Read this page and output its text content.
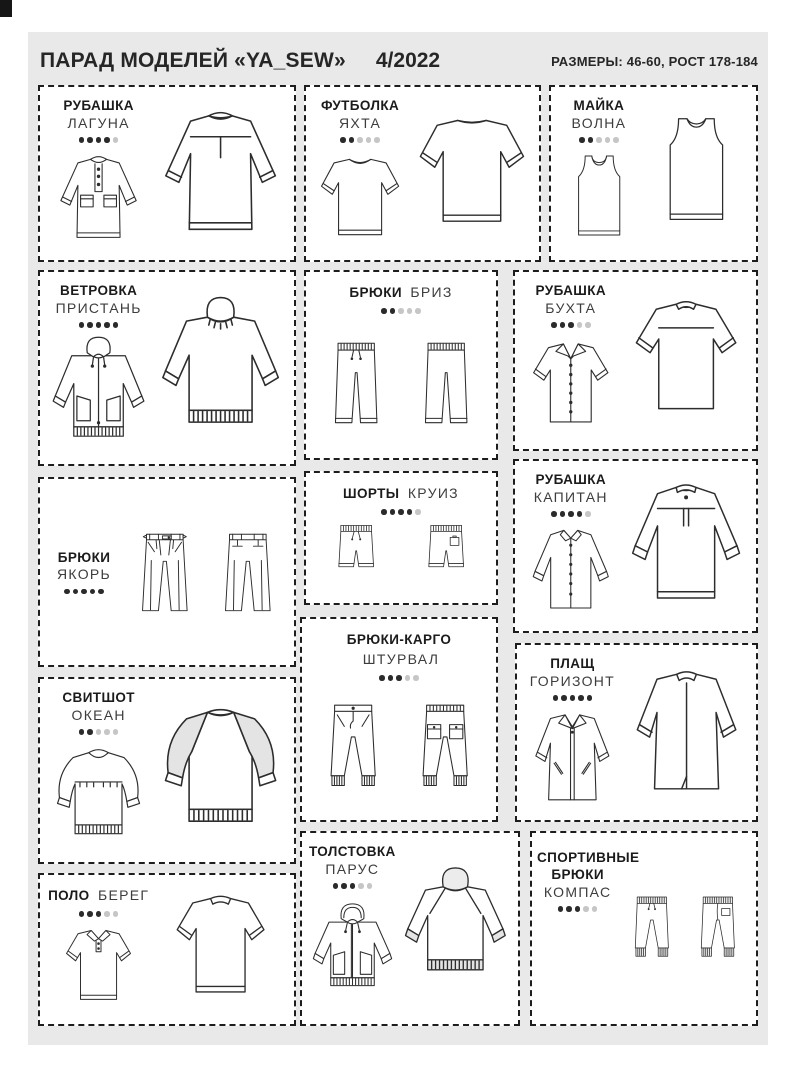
ПАРАД МОДЕЛЕЙ «YA_SEW» 4/2022	РАЗМЕРЫ: 46-60, РОСТ 178-184
РУБАШКА
ЛАГУНА
ФУТБОЛКА
ЯХТА
МАЙКА
ВОЛНА
ВЕТРОВКА
ПРИСТАНЬ
БРЮКИ БРИЗ	РУБАШКА
БУХТА
БРЮКИ
ЯКОРЬ
ШОРТЫ КРУИЗ
РУБАШКА
КАПИТАН
БРЮКИ-КАРГО ШТУРВАЛ	ПЛАЩ
ГОРИЗОНТ
СВИТШОТ
ОКЕАН
ПОЛО БЕРЕГ
ТОЛСТОВКА
ПАРУС
СПОРТИВНЫЕ БРЮКИ
КОМПАС
